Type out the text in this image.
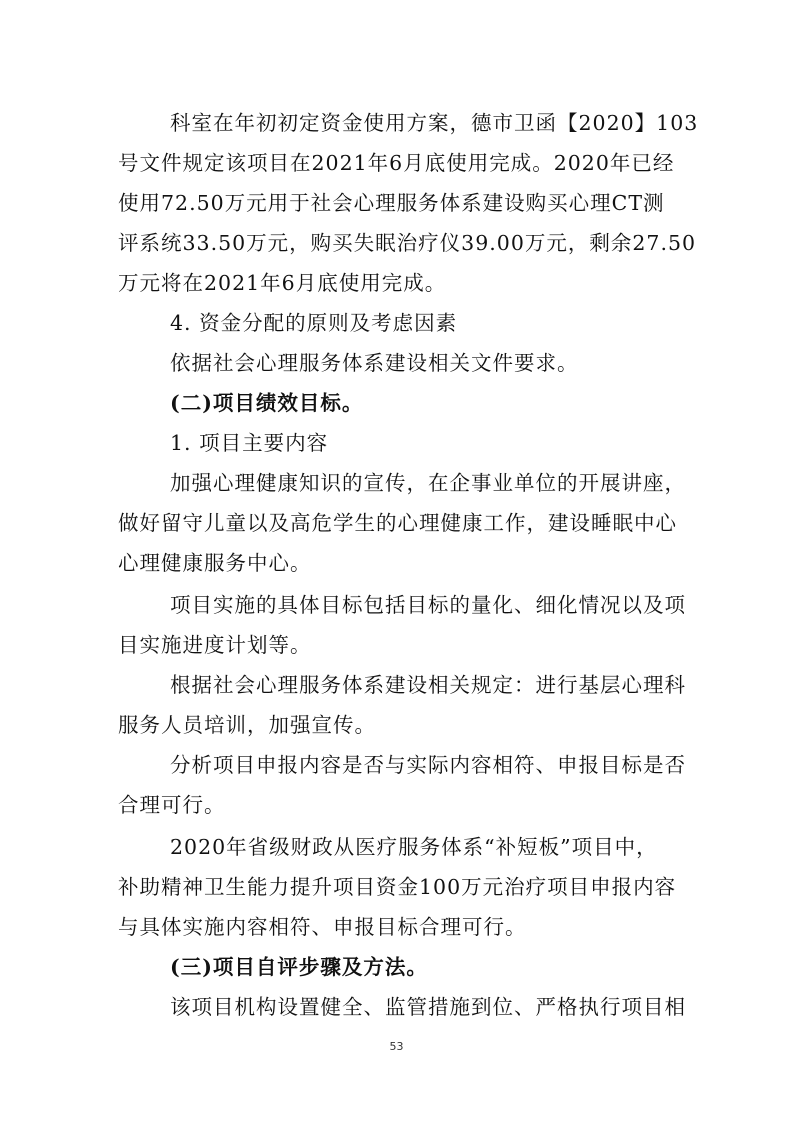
科室在年初初定资金使用方案，德市卫函【2020】103
号文件规定该项目在2021年6月底使用完成。2020年已经
使用72.50万元用于社会心理服务体系建设购买心理CT测
评系统33.50万元，购买失眠治疗仪39.00万元，剩余27.50
万元将在2021年6月底使用完成。
4. 资金分配的原则及考虑因素
依据社会心理服务体系建设相关文件要求。
(二)项目绩效目标。
1. 项目主要内容
加强心理健康知识的宣传，在企事业单位的开展讲座，
做好留守儿童以及高危学生的心理健康工作，建设睡眠中心
心理健康服务中心。
项目实施的具体目标包括目标的量化、细化情况以及项
目实施进度计划等。
根据社会心理服务体系建设相关规定：进行基层心理科
服务人员培训，加强宣传。
分析项目申报内容是否与实际内容相符、申报目标是否
合理可行。
2020年省级财政从医疗服务体系“补短板”项目中，
补助精神卫生能力提升项目资金100万元治疗项目申报内容
与具体实施内容相符、申报目标合理可行。
(三)项目自评步骤及方法。
该项目机构设置健全、监管措施到位、严格执行项目相
53
